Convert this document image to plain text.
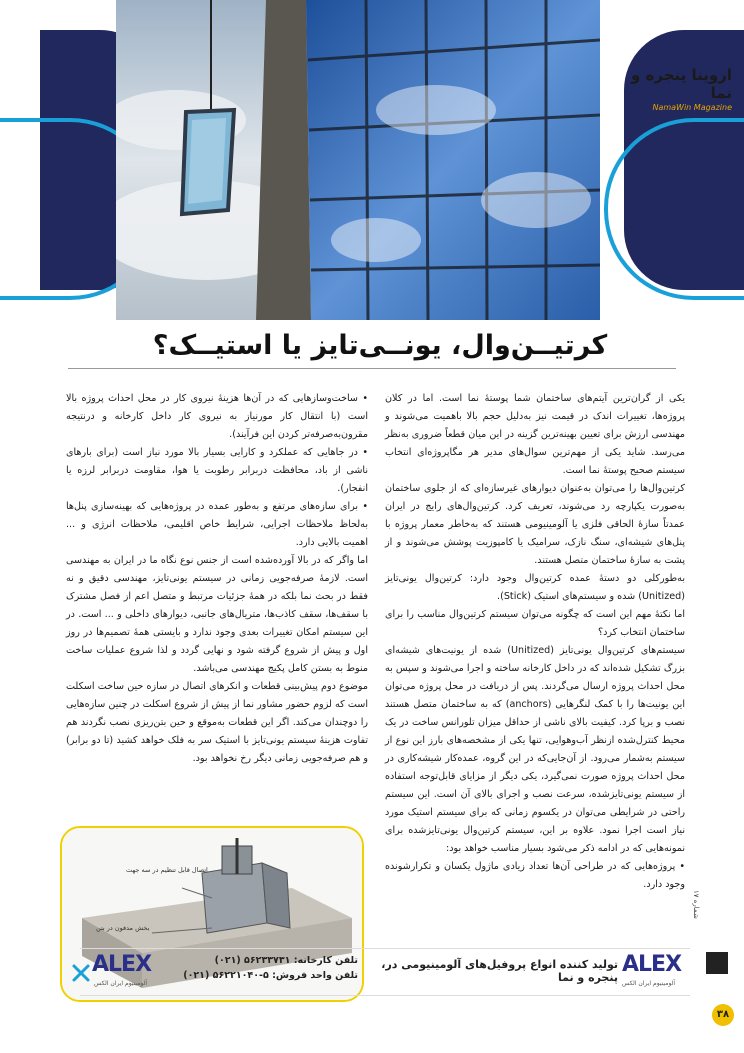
اروینا پنجره و نما
NamaWin Magazine
کرتیــن‌وال، یونــی‌تایز یا استیــک؟

یکی از گران‌ترین آیتم‌های ساختمان شما پوستهٔ نما است. اما در کلان پروژه‌ها، تغییرات اندک در قیمت نیز به‌دلیل حجم بالا باهمیت می‌شوند و مهندسی ارزش برای تعیین بهینه‌ترین گزینه در این میان قطعاً ضروری به‌نظر می‌رسد. شاید یکی از مهم‌ترین سوال‌های مدیر هر مگاپروژه‌ای انتخاب سیستم صحیح پوستهٔ نما است.

کرتین‌وال‌ها را می‌توان به‌عنوان دیوارهای غیرسازه‌ای که از جلوی ساختمان به‌صورت یکپارچه رد می‌شوند، تعریف کرد. کرتین‌وال‌های رایج در ایران عمدتاً سازهٔ الحاقی فلزی یا آلومینیومی هستند که به‌خاطر معمار پروژه با پنل‌های شیشه‌ای، سنگ نازک، سرامیک یا کامپوزیت پوشش می‌شوند و از پشت به سازهٔ ساختمان متصل هستند.

به‌طورکلی دو دستهٔ عمده کرتین‌وال وجود دارد: کرتین‌وال یونی‌تایز (Unitized) شده و سیستم‌های استیک (Stick).

اما نکتهٔ مهم این است که چگونه می‌توان سیستم کرتین‌وال مناسب را برای ساختمان انتخاب کرد؟

سیستم‌های کرتین‌وال یونی‌تایز (Unitized) شده از یونیت‌های شیشه‌ای بزرگ تشکیل شده‌اند که در داخل کارخانه ساخته و اجرا می‌شوند و سپس به محل احداث پروژه ارسال می‌گردند. پس از دریافت در محل پروژه می‌توان این یونیت‌ها را با کمک لنگرهایی (anchors) که به ساختمان متصل هستند نصب و برپا کرد. کیفیت بالای ناشی از حداقل میزان تلورانس ساخت در یک محیط کنترل‌شده ازنظر آب‌وهوایی، تنها یکی از مشخصه‌های بارز این نوع از سیستم به‌شمار می‌رود. از آن‌جایی‌که در این گروه، عمده‌کار شیشه‌کاری در محل احداث پروژه صورت نمی‌گیرد، یکی دیگر از مزایای قابل‌توجه استفاده از سیستم یونی‌تایزشده، سرعت نصب و اجرای بالای آن است. این سیستم راحتی در شرایطی می‌توان در یکسوم زمانی که برای سیستم استیک مورد نیاز است اجرا نمود. علاوه بر این، سیستم کرتین‌وال یونی‌تایزشده برای نمونه‌هایی که در ادامه ذکر می‌شود بسیار مناسب خواهد بود:

• پروژه‌هایی که در طراحی آن‌ها تعداد زیادی ماژول یکسان و تکرارشونده وجود دارد.

• ساخت‌وسازهایی که در آن‌ها هزینهٔ نیروی کار در محل احداث پروژه بالا است (با انتقال کار مورنیاز به نیروی کار داخل کارخانه و درنتیجه مقرون‌به‌صرفه‌تر کردن این فرآیند).

• در جاهایی که عملکرد و کارایی بسیار بالا مورد نیاز است (برای بارهای ناشی از باد، محافظت دربرابر رطوبت یا هوا، مقاومت دربرابر لرزه یا انفجار).

• برای سازه‌های مرتفع و به‌طور عمده در پروژه‌هایی که بهینه‌سازی پنل‌ها به‌لحاظ ملاحظات اجرایی، شرایط خاص اقلیمی، ملاحظات انرژی و ... اهمیت بالایی دارد.

اما واگر که در بالا آورده‌شده است از جنس نوع نگاه ما در ایران به مهندسی است. لازمهٔ صرفه‌جویی زمانی در سیستم یونی‌تایز، مهندسی دقیق و نه فقط در بحث نما بلکه در همهٔ جزئیات مرتبط و متصل اعم از فصل مشترک با سقف‌ها، سقف کاذب‌ها، متریال‌های جانبی، دیوارهای داخلی و ... است. در این سیستم امکان تغییرات بعدی وجود ندارد و بایستی همهٔ تصمیم‌ها در روز اول و پیش از شروع گرفته شود و نهایی گردد و لذا شروع عملیات ساخت منوط به بستن کامل پکیج مهندسی می‌باشد.

موضوع دوم پیش‌بینی قطعات و انکرهای اتصال در سازه حین ساخت اسکلت است که لزوم حضور مشاور نما از پیش از شروع اسکلت در چنین سازه‌هایی را دوچندان می‌کند. اگر این قطعات به‌موقع و حین بتن‌ریزی نصب نگردند هم تفاوت هزینهٔ سیستم یونی‌تایز با استیک سر به فلک خواهد کشید (تا دو برابر) و هم صرفه‌جویی زمانی دیگر رخ نخواهد بود.

اتصال قابل تنظیم در سه جهت
بخش مدفون در بتن
ALEX
آلومینیوم ایران الکس
تلفن کارخانه: ۵۶۲۳۳۷۳۱ (۰۲۱)
تلفن واحد فروش: ۵-۵۶۲۲۱۰۴۰ (۰۲۱)
تولید کننده انواع پروفیل‌های آلومینیومی در، پنجره و نما
ALEX
آلومینیوم ایران الکس
شماره ۱۷
۳۸
